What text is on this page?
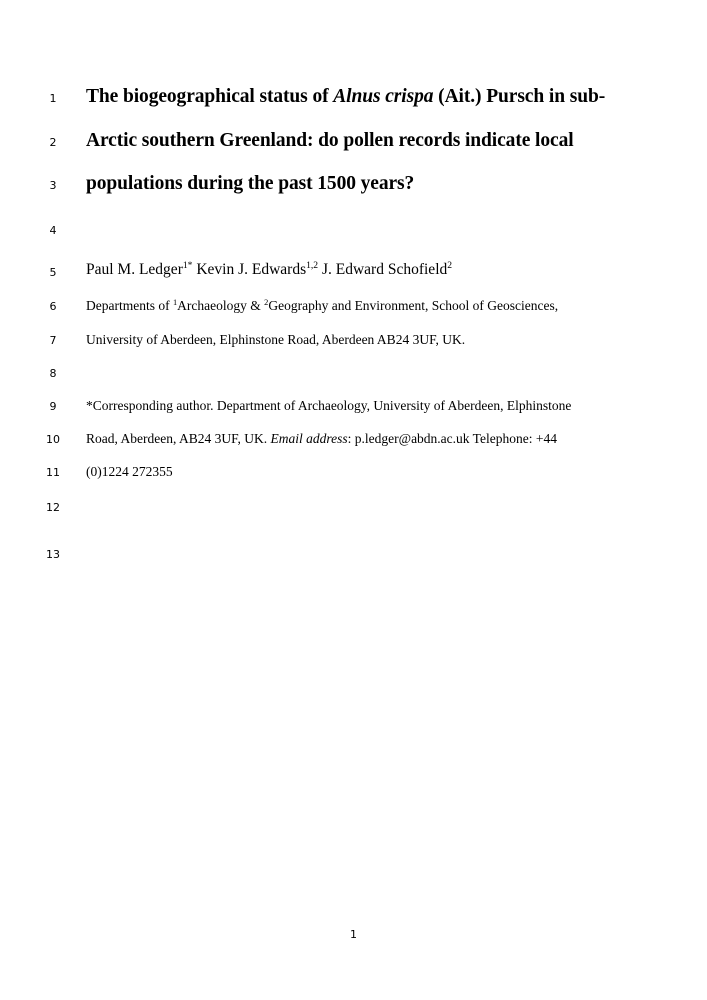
1
2
3
4
5
6
7
8
9
10
11
12
13
The biogeographical status of Alnus crispa (Ait.) Pursch in sub-
Arctic southern Greenland: do pollen records indicate local
populations during the past 1500 years?
Paul M. Ledger$^{1*}$ Kevin J. Edwards$^{1,2}$ J. Edward Schofield$^2$
Departments of $^1$Archaeology & $^2$Geography and Environment, School of Geosciences,
University of Aberdeen, Elphinstone Road, Aberdeen AB24 3UF, UK.
*Corresponding author. Department of Archaeology, University of Aberdeen, Elphinstone
Road, Aberdeen, AB24 3UF, UK. Email address: p.ledger@abdn.ac.uk Telephone: +44
(0)1224 272355
1
